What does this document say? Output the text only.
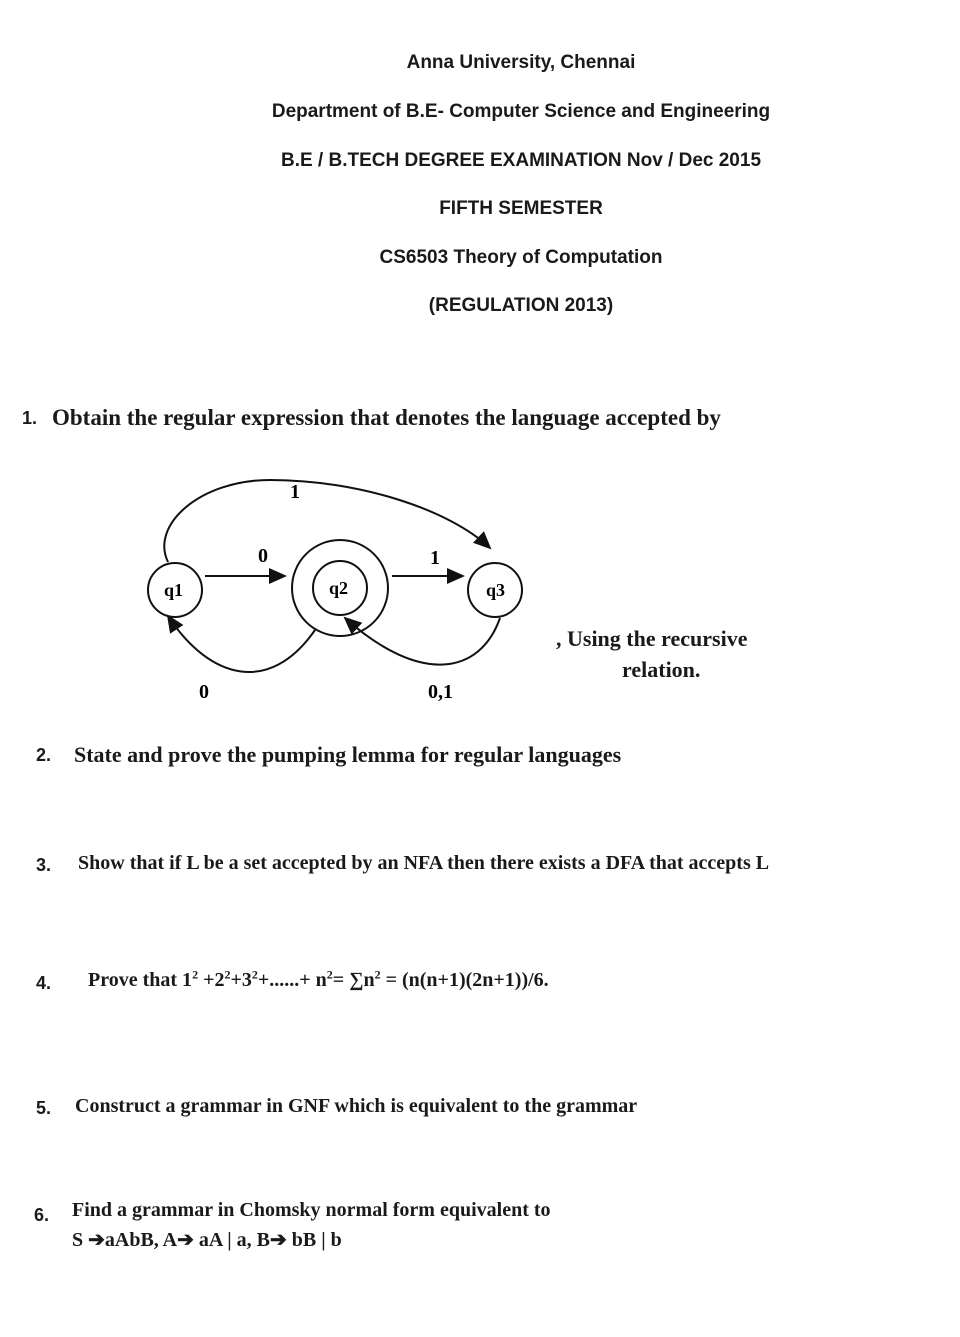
Anna University, Chennai
Department of B.E- Computer Science and Engineering
B.E / B.TECH DEGREE EXAMINATION Nov / Dec 2015
FIFTH SEMESTER
CS6503 Theory of Computation
(REGULATION 2013)
1. Obtain the regular expression that denotes the language accepted by
q1	q2	q3
0	1
1
0	0,1
, Using the recursive
relation.
2. State and prove the pumping lemma for regular languages
3. Show that if L be a set accepted by an NFA then there exists a DFA that accepts L
4. Prove that $1^2 +2^2+3^2+......+ n^2= \sum n^2 = (n(n+1)(2n+1))/6$.
5. Construct a grammar in GNF which is equivalent to the grammar
6. Find a grammar in Chomsky normal form equivalent to
S ➔aAbB, A➔ aA | a, B➔ bB | b
